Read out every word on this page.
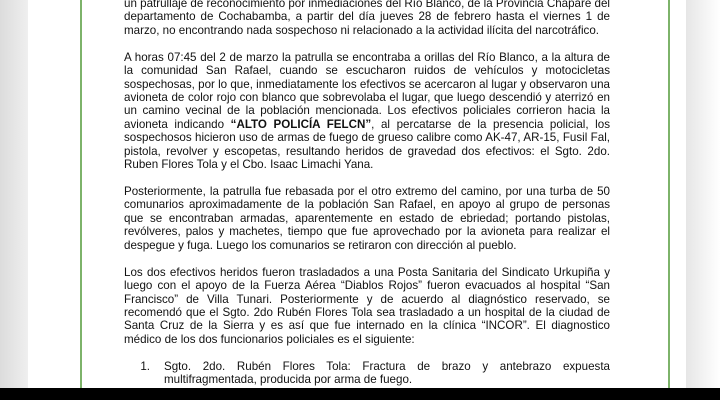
un patrullaje de reconocimiento por inmediaciones del Río Blanco, de la Provincia Chapare del departamento de Cochabamba, a partir del día jueves 28 de febrero hasta el viernes 1 de marzo, no encontrando nada sospechoso ni relacionado a la actividad ilícita del narcotráfico.

A horas 07:45 del 2 de marzo la patrulla se encontraba a orillas del Río Blanco, a la altura de la comunidad San Rafael, cuando se escucharon ruidos de vehículos y motocicletas sospechosas, por lo que, inmediatamente los efectivos se acercaron al lugar y observaron una avioneta de color rojo con blanco que sobrevolaba el lugar, que luego descendió y aterrizó en un camino vecinal de la población mencionada. Los efectivos policiales corrieron hacia la avioneta indicando “ALTO POLICÍA FELCN”, al percatarse de la presencia policial, los sospechosos hicieron uso de armas de fuego de grueso calibre como AK-47, AR-15, Fusil Fal, pistola, revolver y escopetas, resultando heridos de gravedad dos efectivos: el Sgto. 2do. Ruben Flores Tola y el Cbo. Isaac Limachi Yana.

Posteriormente, la patrulla fue rebasada por el otro extremo del camino, por una turba de 50 comunarios aproximadamente de la población San Rafael, en apoyo al grupo de personas que se encontraban armadas, aparentemente en estado de ebriedad; portando pistolas, revólveres, palos y machetes, tiempo que fue aprovechado por la avioneta para realizar el despegue y fuga. Luego los comunarios se retiraron con dirección al pueblo.

Los dos efectivos heridos fueron trasladados a una Posta Sanitaria del Sindicato Urkupiña y luego con el apoyo de la Fuerza Aérea “Diablos Rojos” fueron evacuados al hospital “San Francisco” de Villa Tunari. Posteriormente y de acuerdo al diagnóstico reservado, se recomendó que el Sgto. 2do Rubén Flores Tola sea trasladado a un hospital de la ciudad de Santa Cruz de la Sierra y es así que fue internado en la clínica “INCOR”. El diagnostico médico de los dos funcionarios policiales es el siguiente:

1.	Sgto. 2do. Rubén Flores Tola: Fractura de brazo y antebrazo expuesta multifragmentada, producida por arma de fuego.
